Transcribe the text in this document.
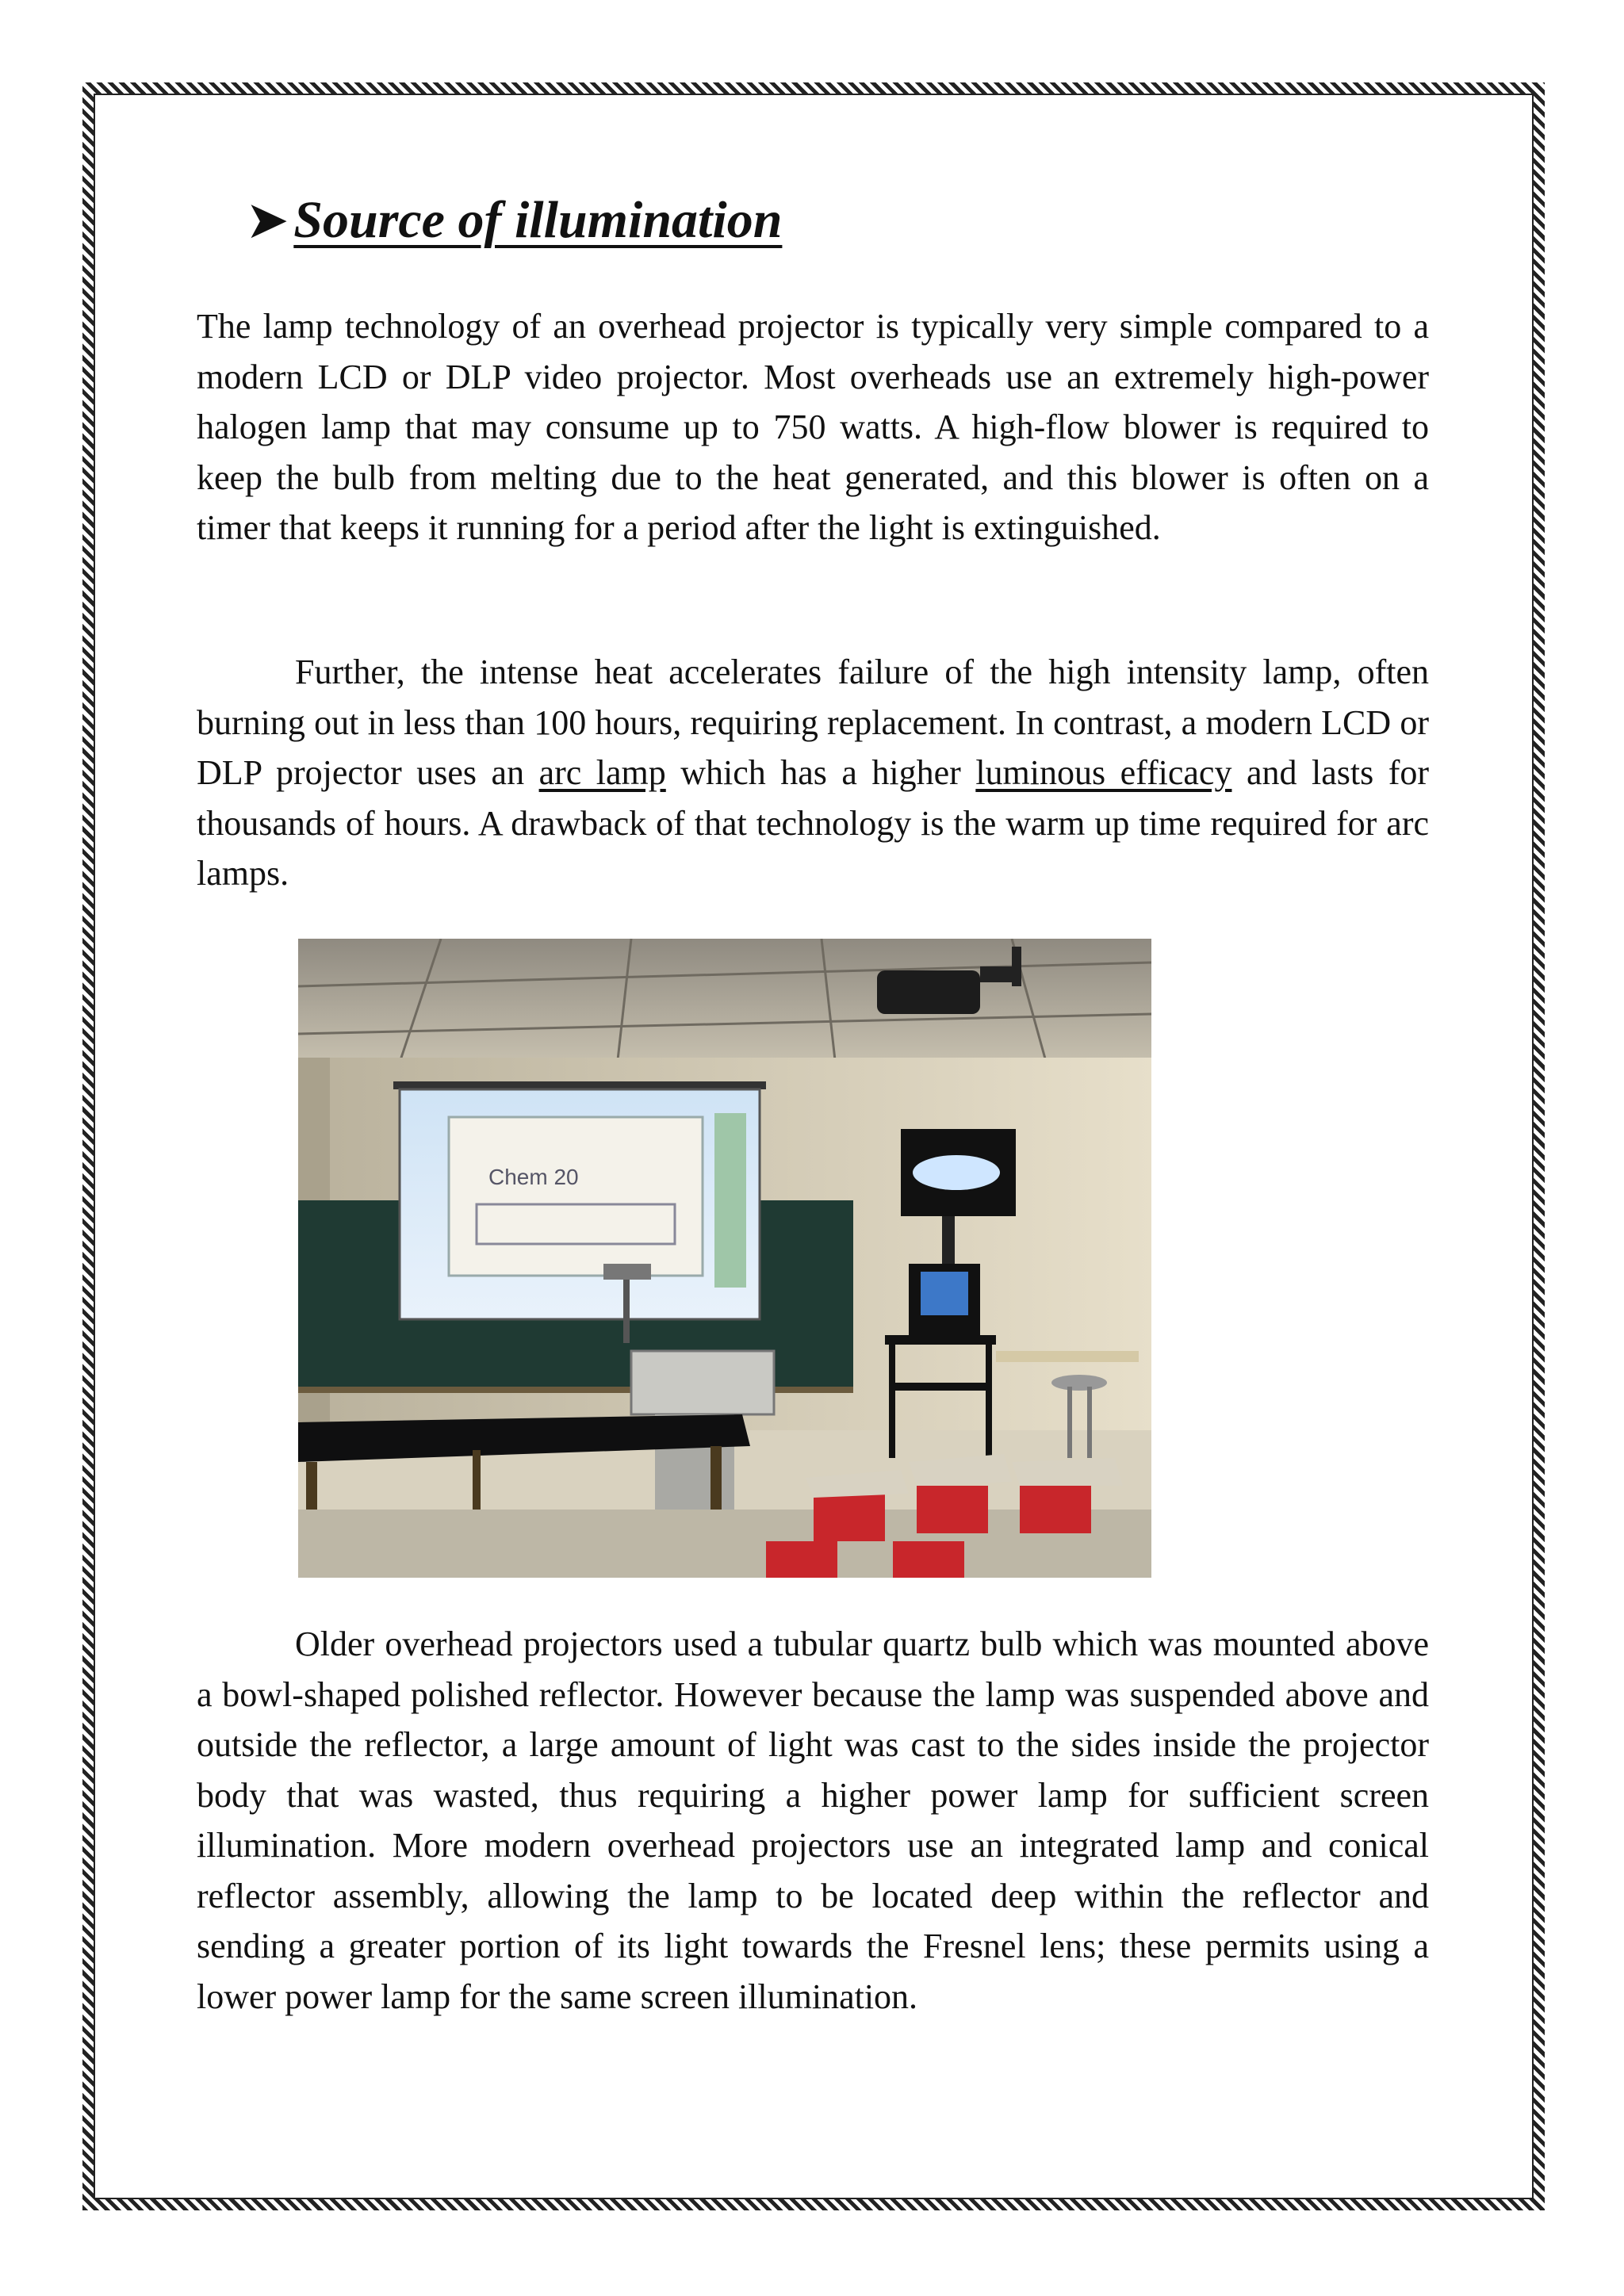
➤ Source of illumination

The lamp technology of an overhead projector is typically very simple compared to a modern LCD or DLP video projector. Most overheads use an extremely high-power halogen lamp that may consume up to 750 watts. A high-flow blower is required to keep the bulb from melting due to the heat generated, and this blower is often on a timer that keeps it running for a period after the light is extinguished.

Further, the intense heat accelerates failure of the high intensity lamp, often burning out in less than 100 hours, requiring replacement. In contrast, a modern LCD or DLP projector uses an arc lamp which has a higher luminous efficacy and lasts for thousands of hours. A drawback of that technology is the warm up time required for arc lamps.

Chem 20

Older overhead projectors used a tubular quartz bulb which was mounted above a bowl-shaped polished reflector. However because the lamp was suspended above and outside the reflector, a large amount of light was cast to the sides inside the projector body that was wasted, thus requiring a higher power lamp for sufficient screen illumination. More modern overhead projectors use an integrated lamp and conical reflector assembly, allowing the lamp to be located deep within the reflector and sending a greater portion of its light towards the Fresnel lens; these permits using a lower power lamp for the same screen illumination.
